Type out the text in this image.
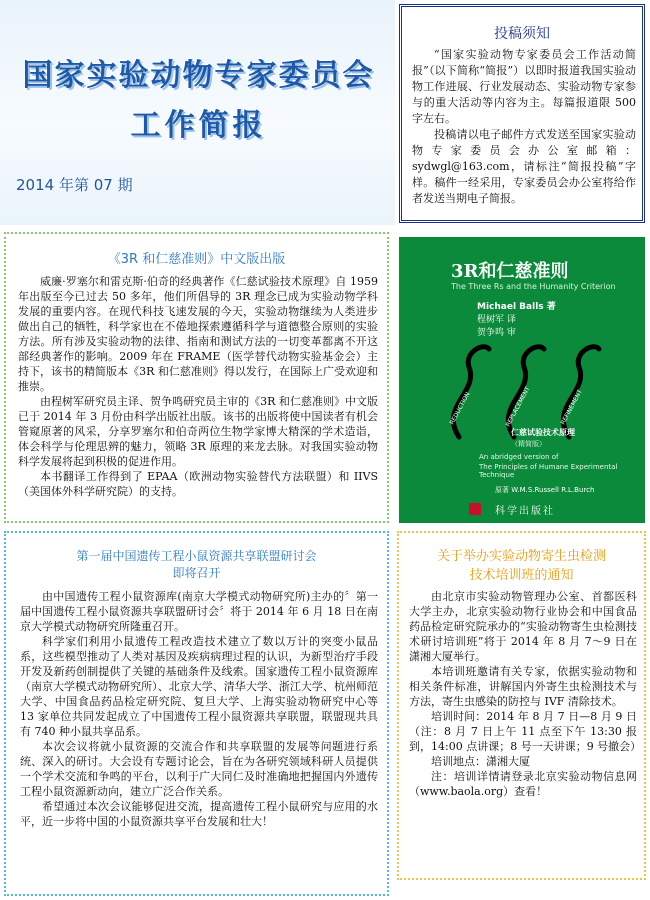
国家实验动物专家委员会
工作简报
2014 年第 07 期
投稿须知
“国家实验动物专家委员会工作活动简报”（以下简称“简报”）以即时报道我国实验动物工作进展、行业发展动态、实验动物专家参与的重大活动等内容为主。每篇报道限 500 字左右。
投稿请以电子邮件方式发送至国家实验动物专家委员会办公室邮箱：sydwgl@163.com，请标注“简报投稿”字样。稿件一经采用，专家委员会办公室将给作者发送当期电子简报。
《3R 和仁慈准则》中文版出版

威廉·罗塞尔和雷克斯·伯奇的经典著作《仁慈试验技术原理》自 1959 年出版至今已过去 50 多年，他们所倡导的 3R 理念已成为实验动物学科发展的重要内容。在现代科技飞速发展的今天，实验动物继续为人类进步做出自己的牺牲，科学家也在不倦地探索遵循科学与道德整合原则的实验方法。所有涉及实验动物的法律、指南和测试方法的一切变革都离不开这部经典著作的影响。2009 年在 FRAME（医学替代动物实验基金会）主持下，该书的精简版本《3R 和仁慈准则》得以发行，在国际上广受欢迎和推崇。

由程树军研究员主译、贺争鸣研究员主审的《3R 和仁慈准则》中文版已于 2014 年 3 月份由科学出版社出版。该书的出版将使中国读者有机会管窥原著的风采，分享罗塞尔和伯奇两位生物学家博大精深的学术造诣，体会科学与伦理思辨的魅力，领略 3R 原理的来龙去脉。对我国实验动物科学发展将起到积极的促进作用。

本书翻译工作得到了 EPAA（欧洲动物实验替代方法联盟）和 IIVS（美国体外科学研究院）的支持。

3R和仁慈准则
The Three Rs and the Humanity Criterion
Michael Balls 著
程树军 译
贺争鸣 审
REDUCTION	REPLACEMENT	REFINEMENT
仁慈试验技术原理
（精简版）
An abridged version of
The Principles of Humane Experimental Technique
原著 W.M.S.Russell R.L.Burch
科学出版社
第一届中国遗传工程小鼠资源共享联盟研讨会
即将召开

由中国遗传工程小鼠资源库(南京大学模式动物研究所)主办的〞第一届中国遗传工程小鼠资源共享联盟研讨会〞将于 2014 年 6 月 18 日在南京大学模式动物研究所隆重召开。

科学家们利用小鼠遗传工程改造技术建立了数以万计的突变小鼠品系，这些模型推动了人类对基因及疾病病理过程的认识，为新型治疗手段开发及新药创制提供了关键的基础条件及线索。国家遗传工程小鼠资源库（南京大学模式动物研究所）、北京大学、清华大学、浙江大学、杭州师范大学、中国食品药品检定研究院、复旦大学、上海实验动物研究中心等 13 家单位共同发起成立了中国遗传工程小鼠资源共享联盟，联盟现共具有 740 种小鼠共享品系。

本次会议将就小鼠资源的交流合作和共享联盟的发展等问题进行系统、深入的研讨。大会设有专题讨论会，旨在为各研究领域科研人员提供一个学术交流和争鸣的平台，以利于广大同仁及时准确地把握国内外遗传工程小鼠资源新动向，建立广泛合作关系。

希望通过本次会议能够促进交流，提高遗传工程小鼠研究与应用的水平，近一步将中国的小鼠资源共享平台发展和壮大！

关于举办实验动物寄生虫检测
技术培训班的通知

由北京市实验动物管理办公室、首都医科大学主办，北京实验动物行业协会和中国食品药品检定研究院承办的“实验动物寄生虫检测技术研讨培训班”将于 2014 年 8 月 7～9 日在潇湘大厦举行。

本培训班邀请有关专家，依据实验动物和相关条件标准，讲解国内外寄生虫检测技术与方法，寄生虫感染的防控与 IVF 清除技术。

培训时间：2014 年 8 月 7 日—8 月 9 日（注：8 月 7 日上午 11 点至下午 13:30 报到，14:00 点讲课；8 号一天讲课；9 号撤会）

培训地点：潇湘大厦

注：培训详情请登录北京实验动物信息网（www.baola.org）查看！
